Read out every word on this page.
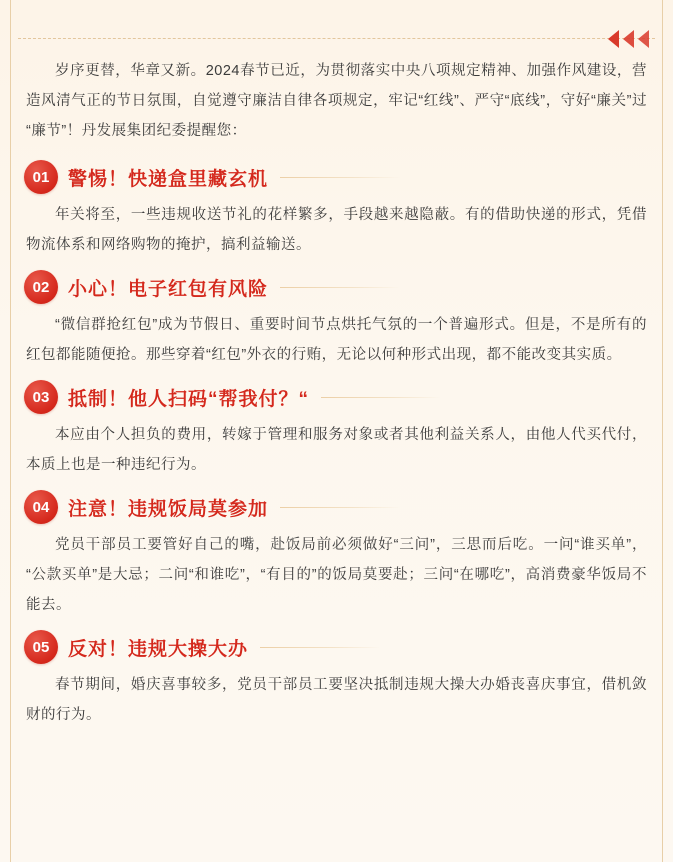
岁序更替，华章又新。2024春节已近，为贯彻落实中央八项规定精神、加强作风建设，营造风清气正的节日氛围，自觉遵守廉洁自律各项规定，牢记“红线”、严守“底线”，守好“廉关”过“廉节”！丹发展集团纪委提醒您：

01 警惕！快递盒里藏玄机

年关将至，一些违规收送节礼的花样繁多，手段越来越隐蔽。有的借助快递的形式，凭借物流体系和网络购物的掩护，搞利益输送。

02 小心！电子红包有风险

“微信群抢红包”成为节假日、重要时间节点烘托气氛的一个普遍形式。但是，不是所有的红包都能随便抢。那些穿着“红包”外衣的行贿，无论以何种形式出现，都不能改变其实质。

03 抵制！他人扫码“帮我付？“

本应由个人担负的费用，转嫁于管理和服务对象或者其他利益关系人，由他人代买代付，本质上也是一种违纪行为。

04 注意！违规饭局莫参加

党员干部员工要管好自己的嘴，赴饭局前必须做好“三问”，三思而后吃。一问“谁买单”，“公款买单”是大忌；二问“和谁吃”，“有目的”的饭局莫要赴；三问“在哪吃”，高消费豪华饭局不能去。

05 反对！违规大操大办

春节期间，婚庆喜事较多，党员干部员工要坚决抵制违规大操大办婚丧喜庆事宜，借机敛财的行为。
